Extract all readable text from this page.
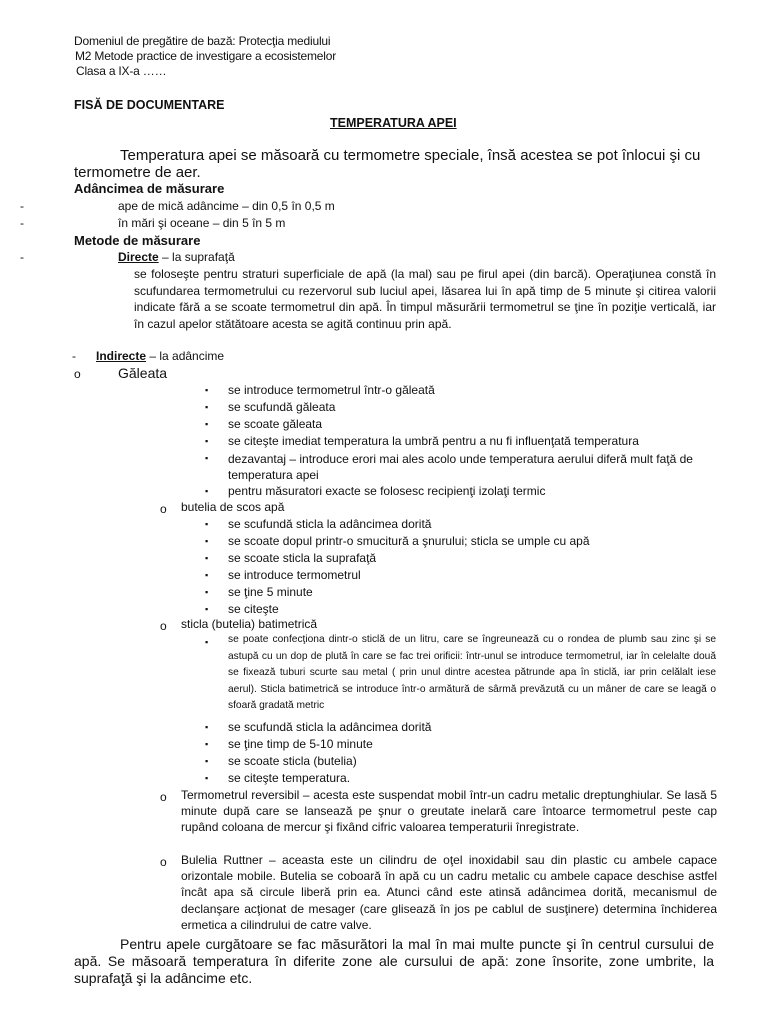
Domeniul de pregătire de bază: Protecţia mediului
M2 Metode practice de investigare a ecosistemelor
Clasa a IX-a ……
FISĂ DE DOCUMENTARE
TEMPERATURA APEI
Temperatura apei se măsoară cu termometre speciale, însă acestea se pot înlocui şi cu termometre de aer.
Adâncimea de măsurare
-	ape de mică adâncime – din 0,5 în 0,5 m
-	în mări şi oceane – din 5 în 5 m
Metode de măsurare
-	Directe – la suprafaţă
se foloseşte pentru straturi superficiale de apă (la mal) sau pe firul apei (din barcă). Operaţiunea constă în scufundarea termometrului cu rezervorul sub luciul apei, lăsarea lui în apă timp de 5 minute şi citirea valorii indicate fără a se scoate termometrul din apă. În timpul măsurării termometrul se ţine în poziţie verticală, iar în cazul apelor stătătoare acesta se agită continuu prin apă.
- Indirecte – la adâncime
o	Găleata
▪ se introduce termometrul într-o găleată
▪ se scufundă găleata
▪ se scoate găleata
▪ se citeşte imediat temperatura la umbră pentru a nu fi influenţată temperatura
▪ dezavantaj – introduce erori mai ales acolo unde temperatura aerului diferă mult faţă de temperatura apei
▪ pentru măsuratori exacte se folosesc recipienţi izolaţi termic
o butelia de scos apă
▪ se scufundă sticla la adâncimea dorită
▪ se scoate dopul printr-o smucitură a şnurului; sticla se umple cu apă
▪ se scoate sticla la suprafaţă
▪ se introduce termometrul
▪ se ţine 5 minute
▪ se citeşte
o sticla (butelia) batimetrică
▪ se poate confecţiona dintr-o sticlă de un litru, care se îngreunează cu o rondea de plumb sau zinc şi se astupă cu un dop de plută în care se fac trei orificii: într-unul se introduce termometrul, iar în celelalte două se fixează tuburi scurte sau metal ( prin unul dintre acestea pătrunde apa în sticlă, iar prin celălalt iese aerul). Sticla batimetrică se introduce într-o armătură de sârmă prevăzută cu un mâner de care se leagă o sfoară gradată metric
▪ se scufundă sticla la adâncimea dorită
▪ se ţine timp de 5-10 minute
▪ se scoate sticla (butelia)
▪ se citeşte temperatura.
o Termometrul reversibil – acesta este suspendat mobil într-un cadru metalic dreptunghiular. Se lasă 5 minute după care se lansează pe şnur o greutate inelară care întoarce termometrul peste cap rupând coloana de mercur şi fixând cifric valoarea temperaturii înregistrate.
o Bulelia Ruttner – aceasta este un cilindru de oţel inoxidabil sau din plastic cu ambele capace orizontale mobile. Butelia se coboară în apă cu un cadru metalic cu ambele capace deschise astfel încât apa să circule liberă prin ea. Atunci când este atinsă adâncimea dorită, mecanismul de declanşare acţionat de mesager (care glisează în jos pe cablul de susţinere) determina închiderea ermetica a cilindrului de catre valve.
Pentru apele curgătoare se fac măsurători la mal în mai multe puncte şi în centrul cursului de apă. Se măsoară temperatura în diferite zone ale cursului de apă: zone însorite, zone umbrite, la suprafaţă şi la adâncime etc.
